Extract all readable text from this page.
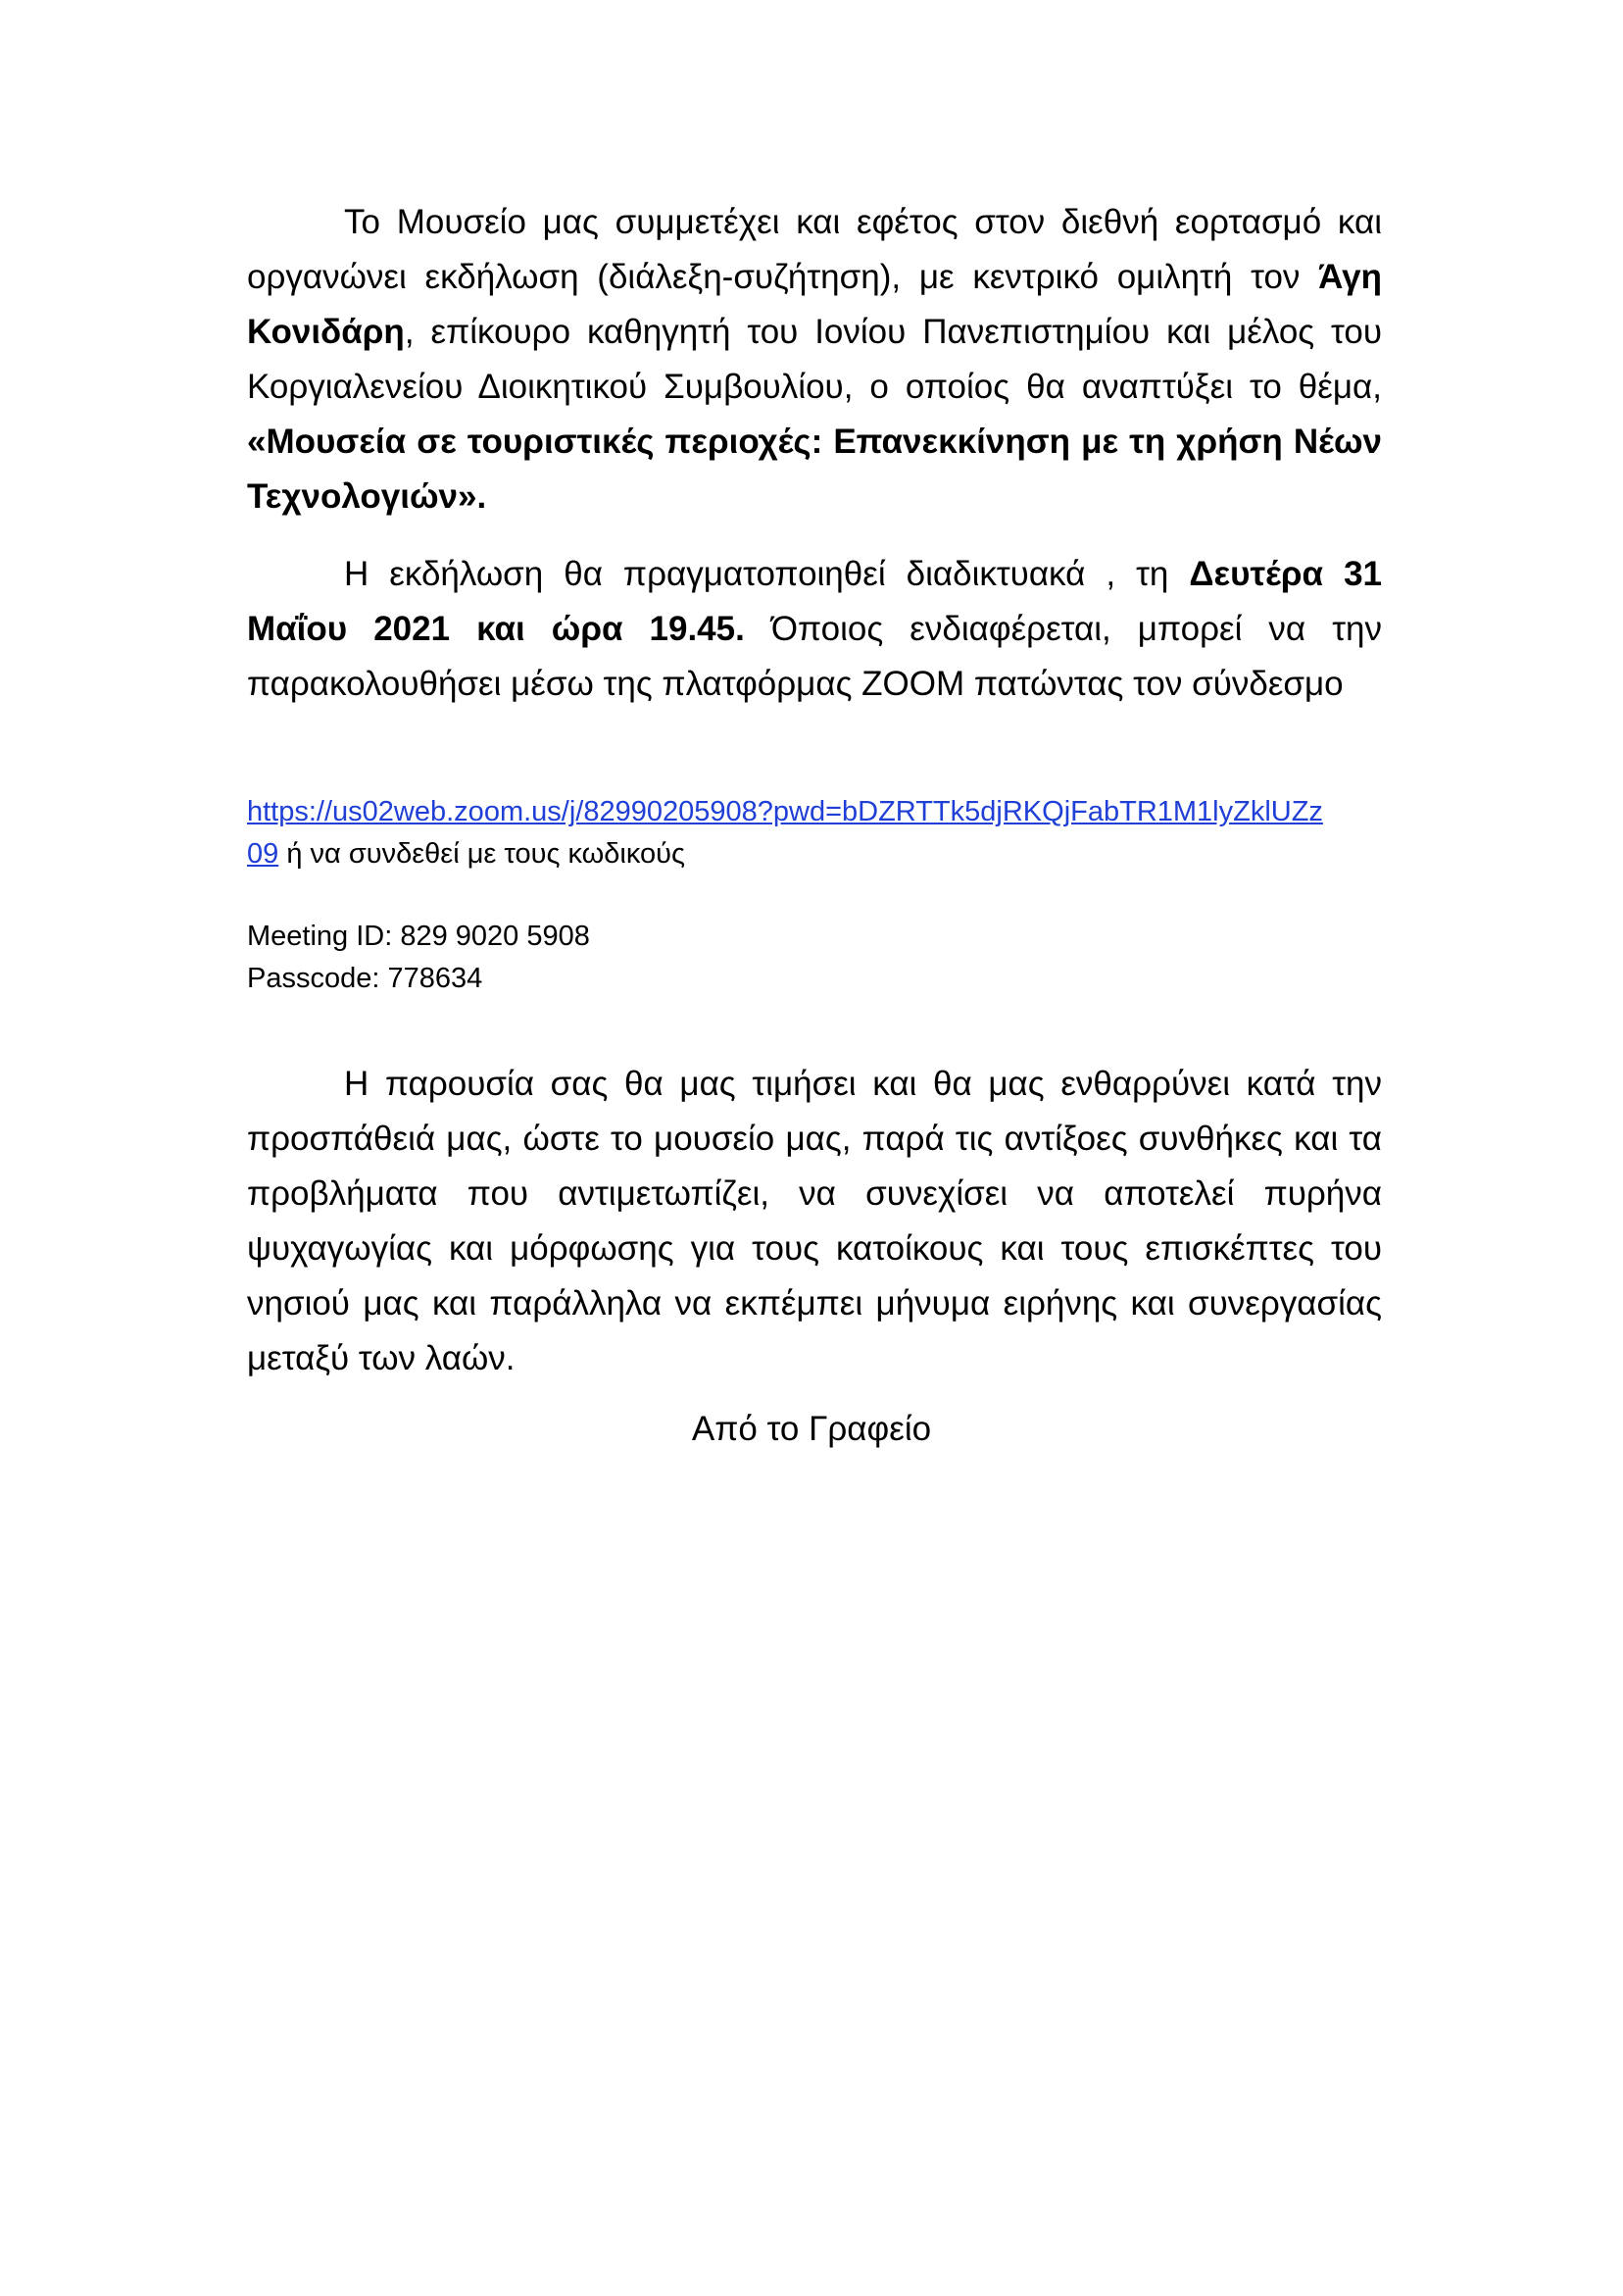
Το Μουσείο μας συμμετέχει και εφέτος στον διεθνή εορτασμό και οργανώνει εκδήλωση (διάλεξη-συζήτηση), με κεντρικό ομιλητή τον Άγη Κονιδάρη, επίκουρο καθηγητή του Ιονίου Πανεπιστημίου και μέλος του Κοργιαλενείου Διοικητικού Συμβουλίου, ο οποίος θα αναπτύξει το θέμα, «Μουσεία σε τουριστικές περιοχές: Επανεκκίνηση με τη χρήση Νέων Τεχνολογιών».

Η εκδήλωση θα πραγματοποιηθεί διαδικτυακά , τη Δευτέρα 31 Μαΐου 2021 και ώρα 19.45. Όποιος ενδιαφέρεται, μπορεί να την παρακολουθήσει μέσω της πλατφόρμας ZOOM πατώντας τον σύνδεσμο

https://us02web.zoom.us/j/82990205908?pwd=bDZRTTk5djRKQjFabTR1M1lyZklUZz
09 ή να συνδεθεί με τους κωδικούς

Meeting ID: 829 9020 5908
Passcode: 778634

Η παρουσία σας θα μας τιμήσει και θα μας ενθαρρύνει κατά την προσπάθειά μας, ώστε το μουσείο μας, παρά τις αντίξοες συνθήκες και τα προβλήματα που αντιμετωπίζει, να συνεχίσει να αποτελεί πυρήνα ψυχαγωγίας και μόρφωσης για τους κατοίκους και τους επισκέπτες του νησιού μας και παράλληλα να εκπέμπει μήνυμα ειρήνης και συνεργασίας μεταξύ των λαών.

Από το Γραφείο
